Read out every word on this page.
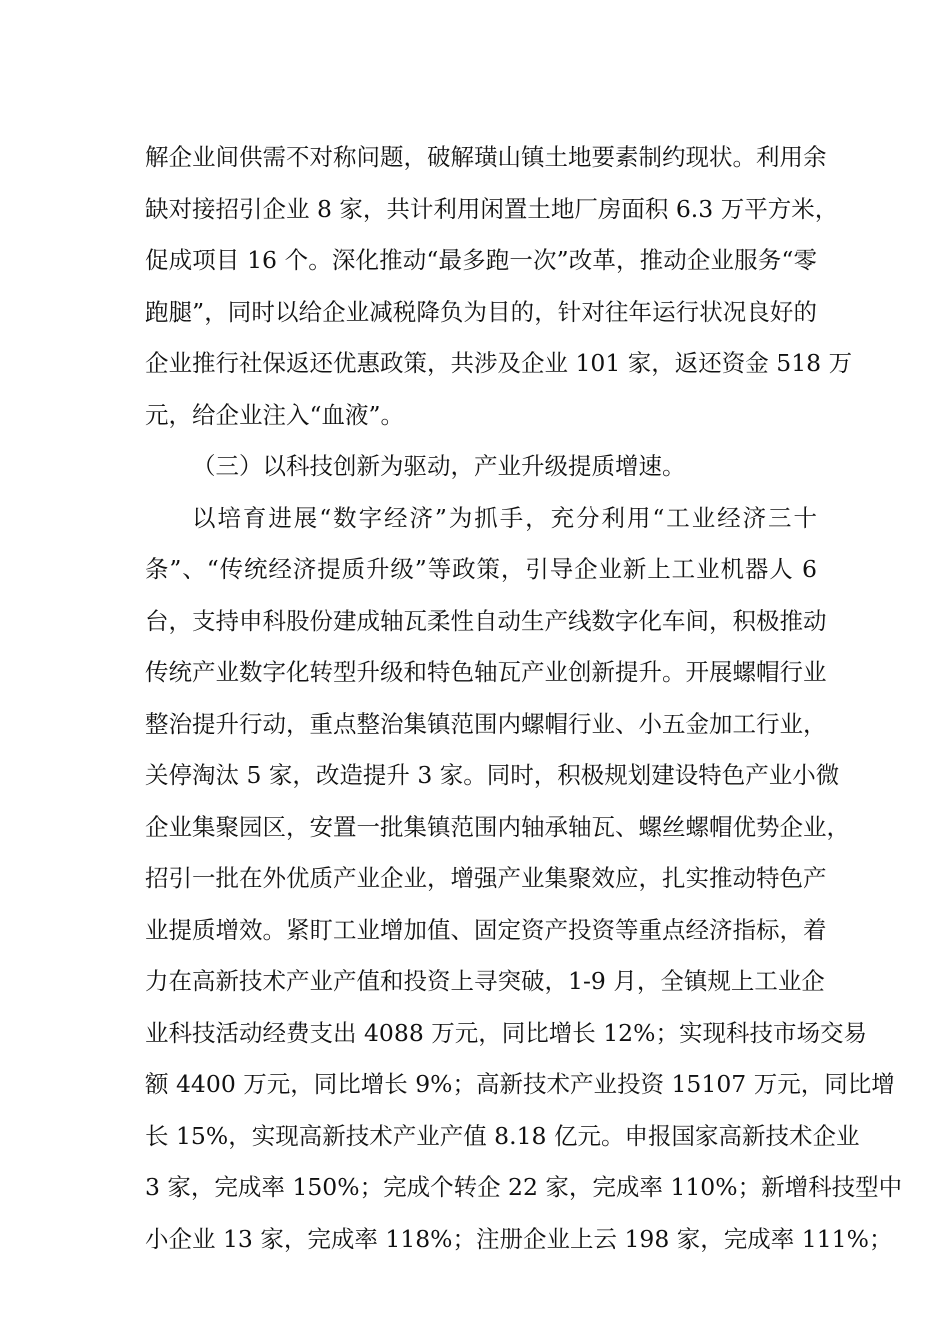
解企业间供需不对称问题，破解璜山镇土地要素制约现状。利用余
缺对接招引企业 8 家，共计利用闲置土地厂房面积 6.3 万平方米，
促成项目 16 个。深化推动“最多跑一次”改革，推动企业服务“零
跑腿”，同时以给企业减税降负为目的，针对往年运行状况良好的
企业推行社保返还优惠政策，共涉及企业 101 家，返还资金 518 万
元，给企业注入“血液”。
（三）以科技创新为驱动，产业升级提质增速。
以培育进展“数字经济”为抓手，充分利用“工业经济三十
条”、“传统经济提质升级”等政策，引导企业新上工业机器人 6
台，支持申科股份建成轴瓦柔性自动生产线数字化车间，积极推动
传统产业数字化转型升级和特色轴瓦产业创新提升。开展螺帽行业
整治提升行动，重点整治集镇范围内螺帽行业、小五金加工行业，
关停淘汰 5 家，改造提升 3 家。同时，积极规划建设特色产业小微
企业集聚园区，安置一批集镇范围内轴承轴瓦、螺丝螺帽优势企业，
招引一批在外优质产业企业，增强产业集聚效应，扎实推动特色产
业提质增效。紧盯工业增加值、固定资产投资等重点经济指标，着
力在高新技术产业产值和投资上寻突破，1-9 月，全镇规上工业企
业科技活动经费支出 4088 万元，同比增长 12%；实现科技市场交易
额 4400 万元，同比增长 9%；高新技术产业投资 15107 万元，同比增
长 15%，实现高新技术产业产值 8.18 亿元。申报国家高新技术企业
3 家，完成率 150%；完成个转企 22 家，完成率 110%；新增科技型中
小企业 13 家，完成率 118%；注册企业上云 198 家，完成率 111%；
